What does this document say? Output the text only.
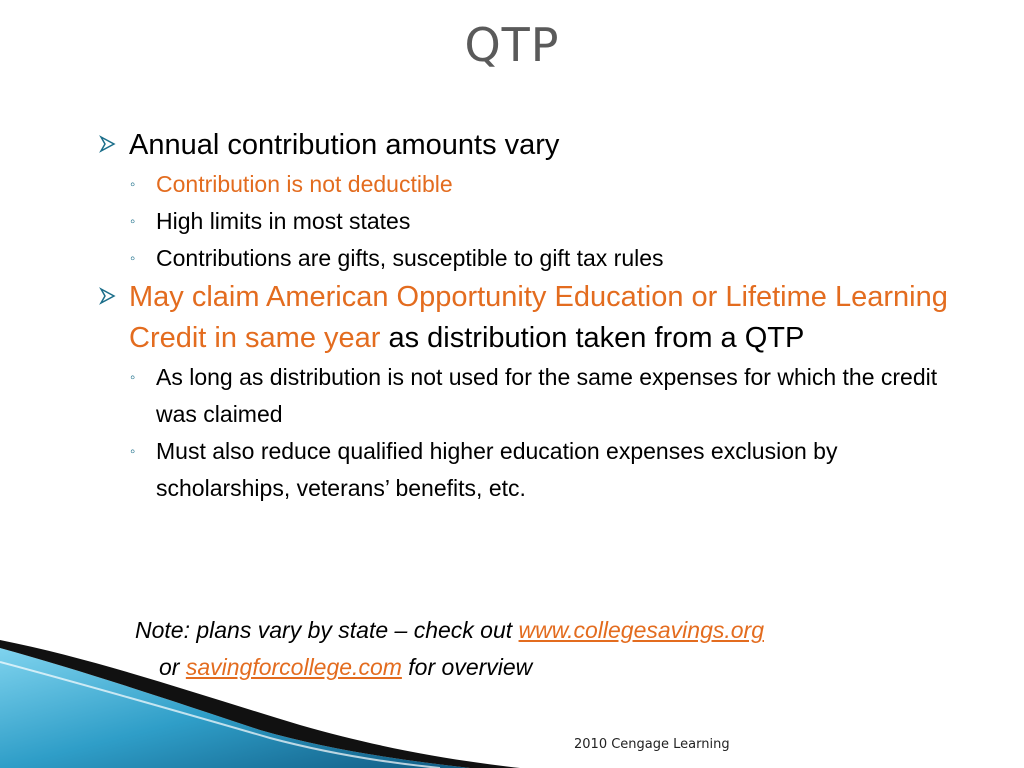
QTP
Annual contribution amounts vary
◦ Contribution is not deductible
◦ High limits in most states
◦ Contributions are gifts, susceptible to gift tax rules
May claim American Opportunity Education or Lifetime Learning Credit in same year as distribution taken from a QTP
◦ As long as distribution is not used for the same expenses for which the credit was claimed
◦ Must also reduce qualified higher education expenses exclusion by scholarships, veterans’ benefits, etc.
Note: plans vary by state – check out www.collegesavings.org
or savingforcollege.com for overview
2010 Cengage Learning
